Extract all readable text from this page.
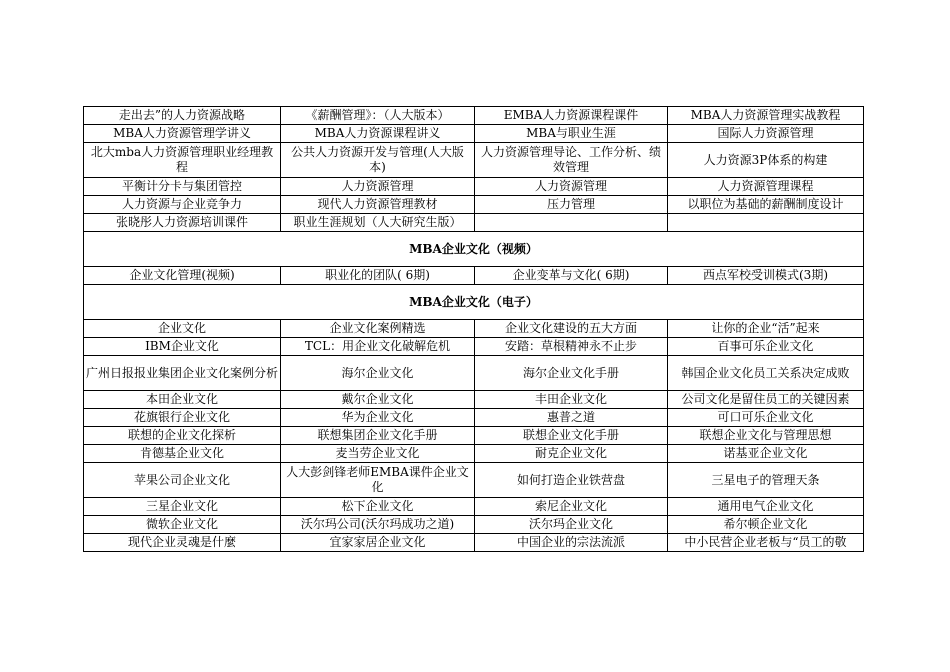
走出去”的人力资源战略	《薪酬管理》：（人大版本）	EMBA人力资源课程课件	MBA人力资源管理实战教程
MBA人力资源管理学讲义	MBA人力资源课程讲义	MBA与职业生涯	国际人力资源管理
北大mba人力资源管理职业经理教程	公共人力资源开发与管理(人大版本)	人力资源管理导论、工作分析、绩效管理	人力资源3P体系的构建
平衡计分卡与集团管控	人力资源管理	人力资源管理	人力资源管理课程
人力资源与企业竞争力	现代人力资源管理教材	压力管理	以职位为基础的薪酬制度设计
张晓彤人力资源培训课件	职业生涯规划（人大研究生版）		
MBA企业文化（视频）			
企业文化管理(视频)	职业化的团队( 6期)	企业变革与文化( 6期)	西点军校受训模式(3期)
MBA企业文化（电子）			
企业文化	企业文化案例精选	企业文化建设的五大方面	让你的企业“活”起来
IBM企业文化	TCL：用企业文化破解危机	安踏：草根精神永不止步	百事可乐企业文化
广州日报报业集团企业文化案例分析	海尔企业文化	海尔企业文化手册	韩国企业文化员工关系决定成败
本田企业文化	戴尔企业文化	丰田企业文化	公司文化是留住员工的关键因素
花旗银行企业文化	华为企业文化	惠普之道	可口可乐企业文化
联想的企业文化探析	联想集团企业文化手册	联想企业文化手册	联想企业文化与管理思想
肯德基企业文化	麦当劳企业文化	耐克企业文化	诺基亚企业文化
苹果公司企业文化	人大彭剑锋老师EMBA课件企业文化	如何打造企业铁营盘	三星电子的管理天条
三星企业文化	松下企业文化	索尼企业文化	通用电气企业文化
微软企业文化	沃尔玛公司(沃尔玛成功之道)	沃尔玛企业文化	希尔顿企业文化
现代企业灵魂是什麼	宜家家居企业文化	中国企业的宗法流派	中小民营企业老板与“员工的敬
